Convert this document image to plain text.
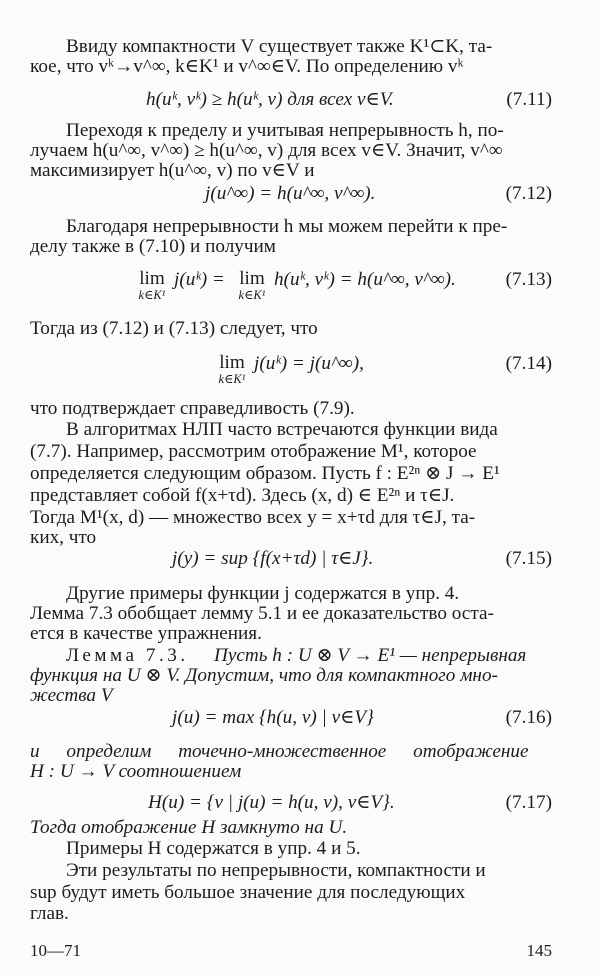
Ввиду компактности V существует также K¹⊂K, та-
кое, что vᵏ→v^∞, k∈K¹ и v^∞∈V. По определению vᵏ
h(uᵏ, vᵏ) ≥ h(uᵏ, v) для всех v∈V.	(7.11)
Переходя к пределу и учитывая непрерывность h, по-
лучаем h(u^∞, v^∞) ≥ h(u^∞, v) для всех v∈V. Значит, v^∞
максимизирует h(u^∞, v) по v∈V и
j(u^∞) = h(u^∞, v^∞).	(7.12)
Благодаря непрерывности h мы можем перейти к пре-
делу также в (7.10) и получим
lim
k∈K¹
j(uᵏ) = lim
k∈K¹
h(uᵏ, vᵏ) = h(u^∞, v^∞).	(7.13)
Тогда из (7.12) и (7.13) следует, что
lim
k∈K¹
j(uᵏ) = j(u^∞),	(7.14)
что подтверждает справедливость (7.9).
В алгоритмах НЛП часто встречаются функции вида
(7.7). Например, рассмотрим отображение M¹, которое
определяется следующим образом. Пусть f : E²ⁿ ⊗ J → E¹
представляет собой f(x+τd). Здесь (x, d) ∈ E²ⁿ и τ∈J.
Тогда M¹(x, d) — множество всех y = x+τd для τ∈J, та-
ких, что
j(y) = sup {f(x+τd) | τ∈J}.	(7.15)
Другие примеры функции j содержатся в упр. 4.
Лемма 7.3 обобщает лемму 5.1 и ее доказательство оста-
ется в качестве упражнения.
Лемма 7.3. Пусть h : U ⊗ V → E¹ — непрерывная
функция на U ⊗ V. Допустим, что для компактного мно-
жества V
j(u) = max {h(u, v) | v∈V}	(7.16)
и определим точечно-множественное отображение
H : U → V соотношением
H(u) = {v | j(u) = h(u, v), v∈V}.	(7.17)
Тогда отображение H замкнуто на U.
Примеры H содержатся в упр. 4 и 5.
Эти результаты по непрерывности, компактности и
sup будут иметь большое значение для последующих
глав.
10—71	145
